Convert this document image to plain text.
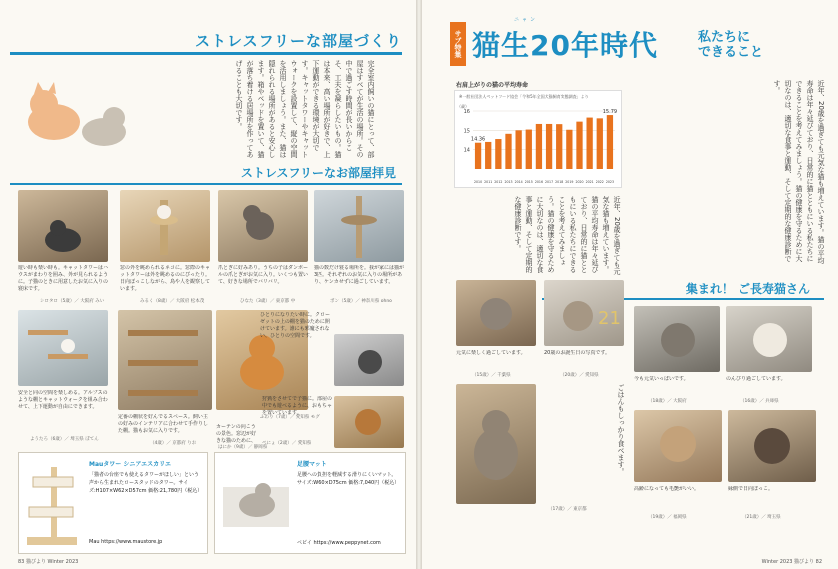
ストレスフリーな部屋づくり
完全室内飼いの猫にとって、部屋はすべてが生活の場所。その中で過ごす時間が長いからこそ、工夫を凝らしたいもの。猫は本来、高い場所が好きで、上下運動ができる環境が大切です。キャットタワーやキャットウォークを設置して、縦の空間を活用しましょう。また、猫は隠れられる場所があると安心します。箱やベッドを置いて、猫が落ち着ける居場所を作ってあげることも大切です。
ストレスフリーなお部屋拝見
遊い時も楽い時も。キャットタワーはハウスがまわりを囲み、外が見られるように。子猫のときに用意したお気に入りの寝床です。
シロタロ（5歳）／ 大阪府 みい
窓の外を眺められるネコに。窓際のキャットタワーは外を眺めるのにぴったり。日向ぼっこしながら、鳥や人を観察しています。
みるく（8歳）／ 大阪府 松本茂
爪とぎに好みあり。うちの子はダンボールの爪とぎがお気に入り。いくつも置いて、好きな場所でバリバリ。
ひなた（3歳）／ 東京都 中
猫の数だけ寝る場所を。我が家には猫が3匹。それぞれのお気に入りの場所があり、ケンカせずに過ごしています。
ポン（5歳）／ 神奈川県 ohno
安全と同の空間を楽しめる。アルプスのような棚とキャットウォークを組み合わせて、上下運動が自由にできます。
ようたろ（6歳）／ 埼玉県 ぽてん
定番の棚状を好んでるスペース。飼い主の好みのインテリアに合わせて手作りした棚。猫もお気に入りです。
（4歳）／ 京都府 りお
ひとりになりたい時に。クローゼットの上の棚を猫のために開けています。誰にも邪魔されない、ひとりの空間です。
ふわり（7歳）／ 愛知県 モグ
狩猟をさせてで子猫に。部屋の中でも遊べるように、おもちゃを置いています。
ぺにょ（2歳）／ 愛知県
カーテンの向こうの景色。窓辺が好きな猫のために、
はにか（9歳）／ 静岡県
Mauタワー シニアエスカリエ
「猫者の台座でも使えるタワーがほしい」という声から生まれたロースタッドのタワー。サイズ:H107×W62×D57cm 価格:21,780円（税込）
Mau https://www.maustore.jp
足腰マット
足腰への負担を軽減する滑りにくいマット。サイズ:W60×D75cm 価格:7,040円（税込）
ペピイ https://www.peppynet.com
83 猫びより Winter 2023
サブ特集
ニャン
猫生20年時代	私たちに
できること
近年、20歳を過ぎても元気な猫も増えています。猫の平均寿命は年々延びており、日常的に猫とともにいる私たちにできることを考えてみましょう。猫の健康を守るために大切なのは、適切な食事と運動、そして定期的な健康診断です。
右肩上がりの猫の平均寿命
※一般社団法人ペットフード協会「令和5年全国犬猫飼育実態調査」より
（歳）
14
15
16
2010 2011 2012 2013 2014 2015 2016 2017 2018 2019 2020 2021 2022 2023
14.36
15.79
近年、20歳を過ぎても元気な猫も増えています。猫の平均寿命は年々延びており、日常的に猫とともにいる私たちにできることを考えてみましょう。猫の健康を守るために大切なのは、適切な食事と運動、そして定期的な健康診断です。
集まれ！ ご長寿猫さん
21
元気に楽しく過ごしています。
（15歳）／ 千葉県
20歳のお誕生日の写真です。
（20歳）／ 愛知県
今も元気いっぱいです。
（18歳）／ 大阪府
のんびり過ごしています。
（16歳）／ 兵庫県
ごはんもしっかり食べます。
（17歳）／ 東京都
高齢になっても毛艶がいい。
（19歳）／ 福岡県
縁側で日向ぼっこ。
（21歳）／ 埼玉県
Winter 2023 猫びより 82
